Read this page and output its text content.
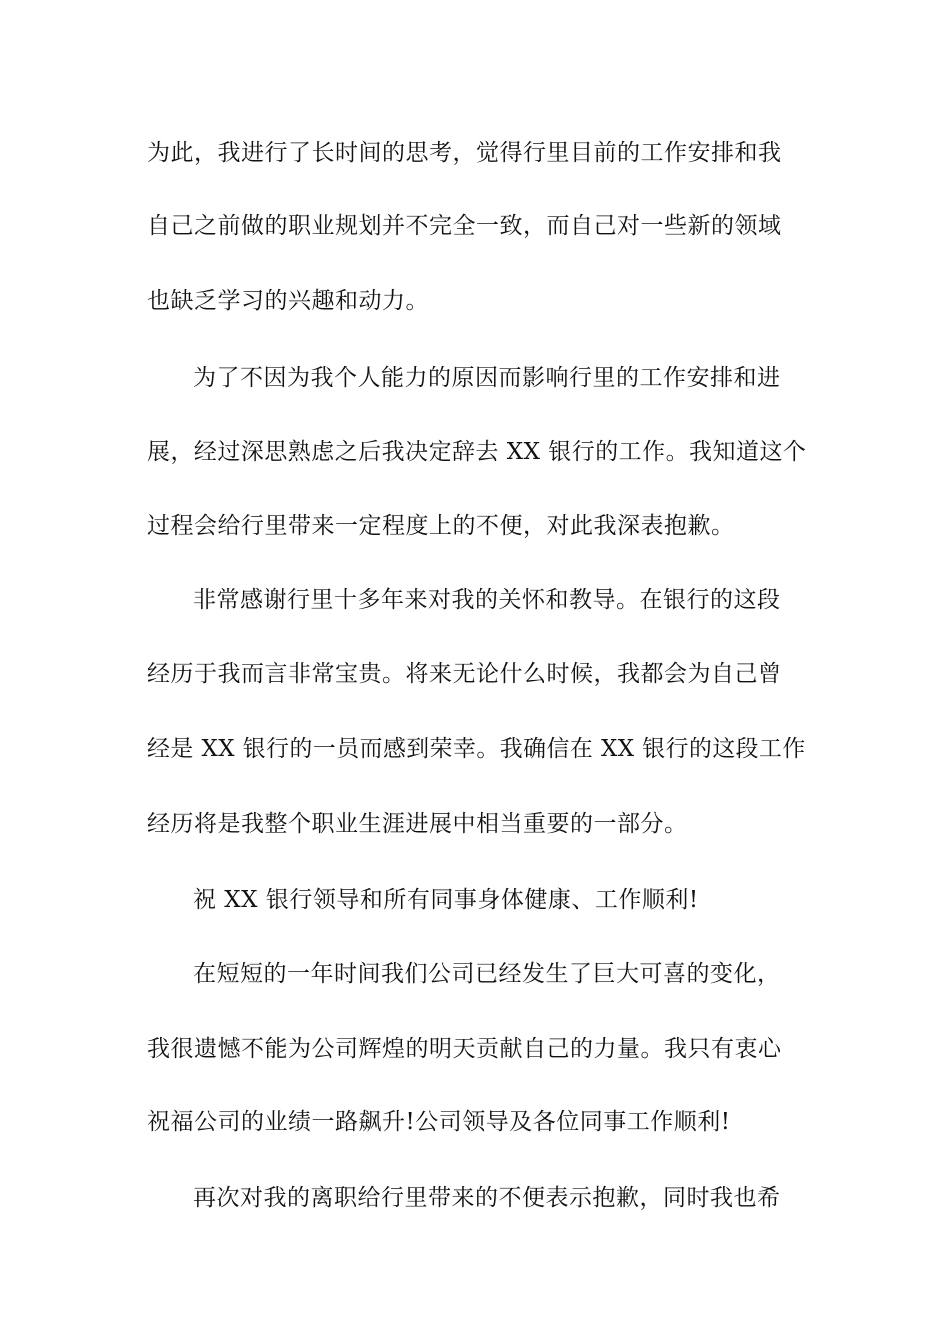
为此，我进行了长时间的思考，觉得行里目前的工作安排和我
自己之前做的职业规划并不完全一致，而自己对一些新的领域
也缺乏学习的兴趣和动力。
为了不因为我个人能力的原因而影响行里的工作安排和进
展，经过深思熟虑之后我决定辞去 XX 银行的工作。我知道这个
过程会给行里带来一定程度上的不便，对此我深表抱歉。
非常感谢行里十多年来对我的关怀和教导。在银行的这段
经历于我而言非常宝贵。将来无论什么时候，我都会为自己曾
经是 XX 银行的一员而感到荣幸。我确信在 XX 银行的这段工作
经历将是我整个职业生涯进展中相当重要的一部分。
祝 XX 银行领导和所有同事身体健康、工作顺利!
在短短的一年时间我们公司已经发生了巨大可喜的变化，
我很遗憾不能为公司辉煌的明天贡献自己的力量。我只有衷心
祝福公司的业绩一路飙升!公司领导及各位同事工作顺利!
再次对我的离职给行里带来的不便表示抱歉，同时我也希
